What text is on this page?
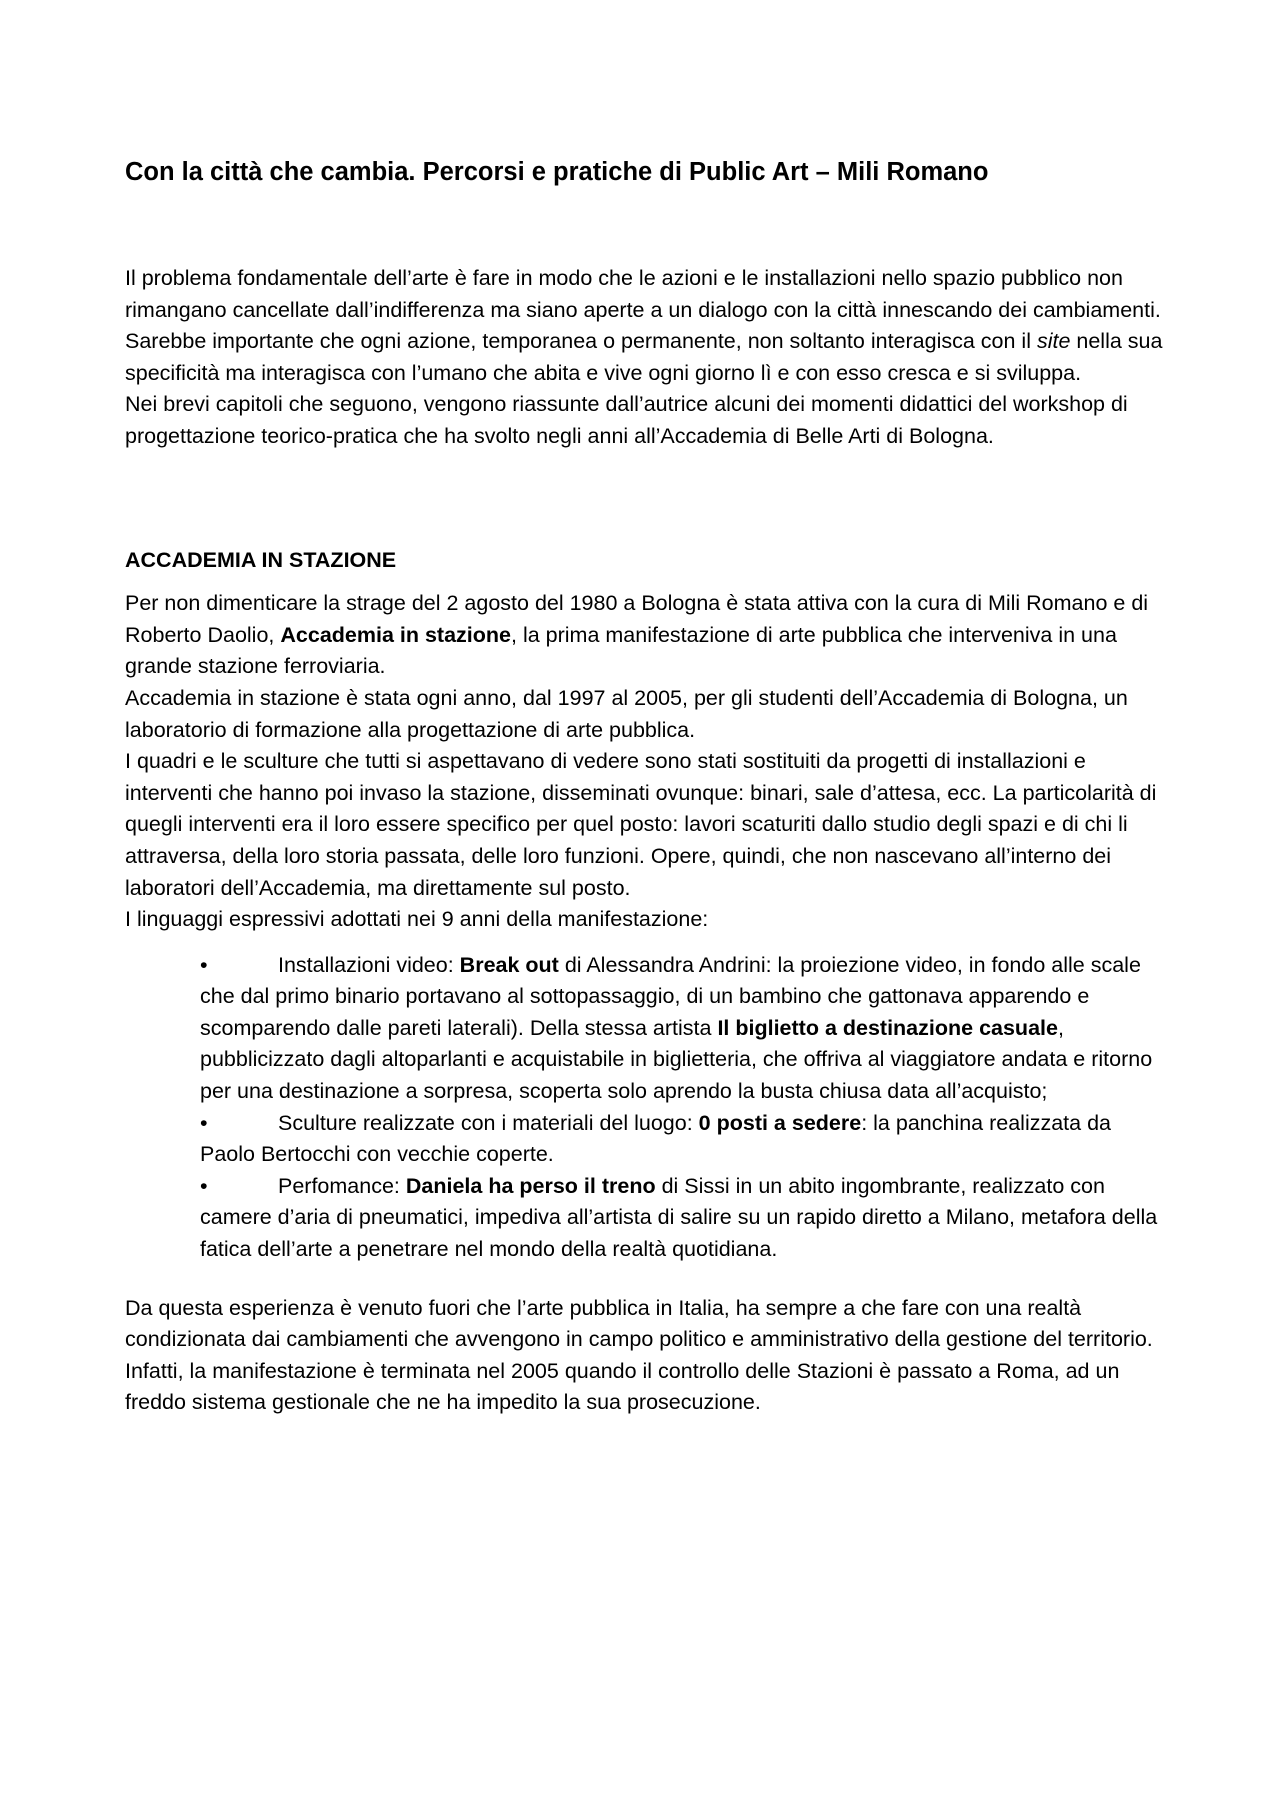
Con la città che cambia. Percorsi e pratiche di Public Art – Mili Romano

Il problema fondamentale dell’arte è fare in modo che le azioni e le installazioni nello spazio pubblico non rimangano cancellate dall’indifferenza ma siano aperte a un dialogo con la città innescando dei cambiamenti. Sarebbe importante che ogni azione, temporanea o permanente, non soltanto interagisca con il site nella sua specificità ma interagisca con l’umano che abita e vive ogni giorno lì e con esso cresca e si sviluppa.

Nei brevi capitoli che seguono, vengono riassunte dall’autrice alcuni dei momenti didattici del workshop di progettazione teorico-pratica che ha svolto negli anni all’Accademia di Belle Arti di Bologna.

ACCADEMIA IN STAZIONE

Per non dimenticare la strage del 2 agosto del 1980 a Bologna è stata attiva con la cura di Mili Romano e di Roberto Daolio, Accademia in stazione, la prima manifestazione di arte pubblica che interveniva in una grande stazione ferroviaria.

Accademia in stazione è stata ogni anno, dal 1997 al 2005, per gli studenti dell’Accademia di Bologna, un laboratorio di formazione alla progettazione di arte pubblica.

I quadri e le sculture che tutti si aspettavano di vedere sono stati sostituiti da progetti di installazioni e interventi che hanno poi invaso la stazione, disseminati ovunque: binari, sale d’attesa, ecc. La particolarità di quegli interventi era il loro essere specifico per quel posto: lavori scaturiti dallo studio degli spazi e di chi li attraversa, della loro storia passata, delle loro funzioni. Opere, quindi, che non nascevano all’interno dei laboratori dell’Accademia, ma direttamente sul posto.

I linguaggi espressivi adottati nei 9 anni della manifestazione:

•	Installazioni video: Break out di Alessandra Andrini: la proiezione video, in fondo alle scale che dal primo binario portavano al sottopassaggio, di un bambino che gattonava apparendo e scomparendo dalle pareti laterali). Della stessa artista Il biglietto a destinazione casuale, pubblicizzato dagli altoparlanti e acquistabile in biglietteria, che offriva al viaggiatore andata e ritorno per una destinazione a sorpresa, scoperta solo aprendo la busta chiusa data all’acquisto;
•	Sculture realizzate con i materiali del luogo: 0 posti a sedere: la panchina realizzata da Paolo Bertocchi con vecchie coperte.
•	Perfomance: Daniela ha perso il treno di Sissi in un abito ingombrante, realizzato con camere d’aria di pneumatici, impediva all’artista di salire su un rapido diretto a Milano, metafora della fatica dell’arte a penetrare nel mondo della realtà quotidiana.

Da questa esperienza è venuto fuori che l’arte pubblica in Italia, ha sempre a che fare con una realtà condizionata dai cambiamenti che avvengono in campo politico e amministrativo della gestione del territorio. Infatti, la manifestazione è terminata nel 2005 quando il controllo delle Stazioni è passato a Roma, ad un freddo sistema gestionale che ne ha impedito la sua prosecuzione.
